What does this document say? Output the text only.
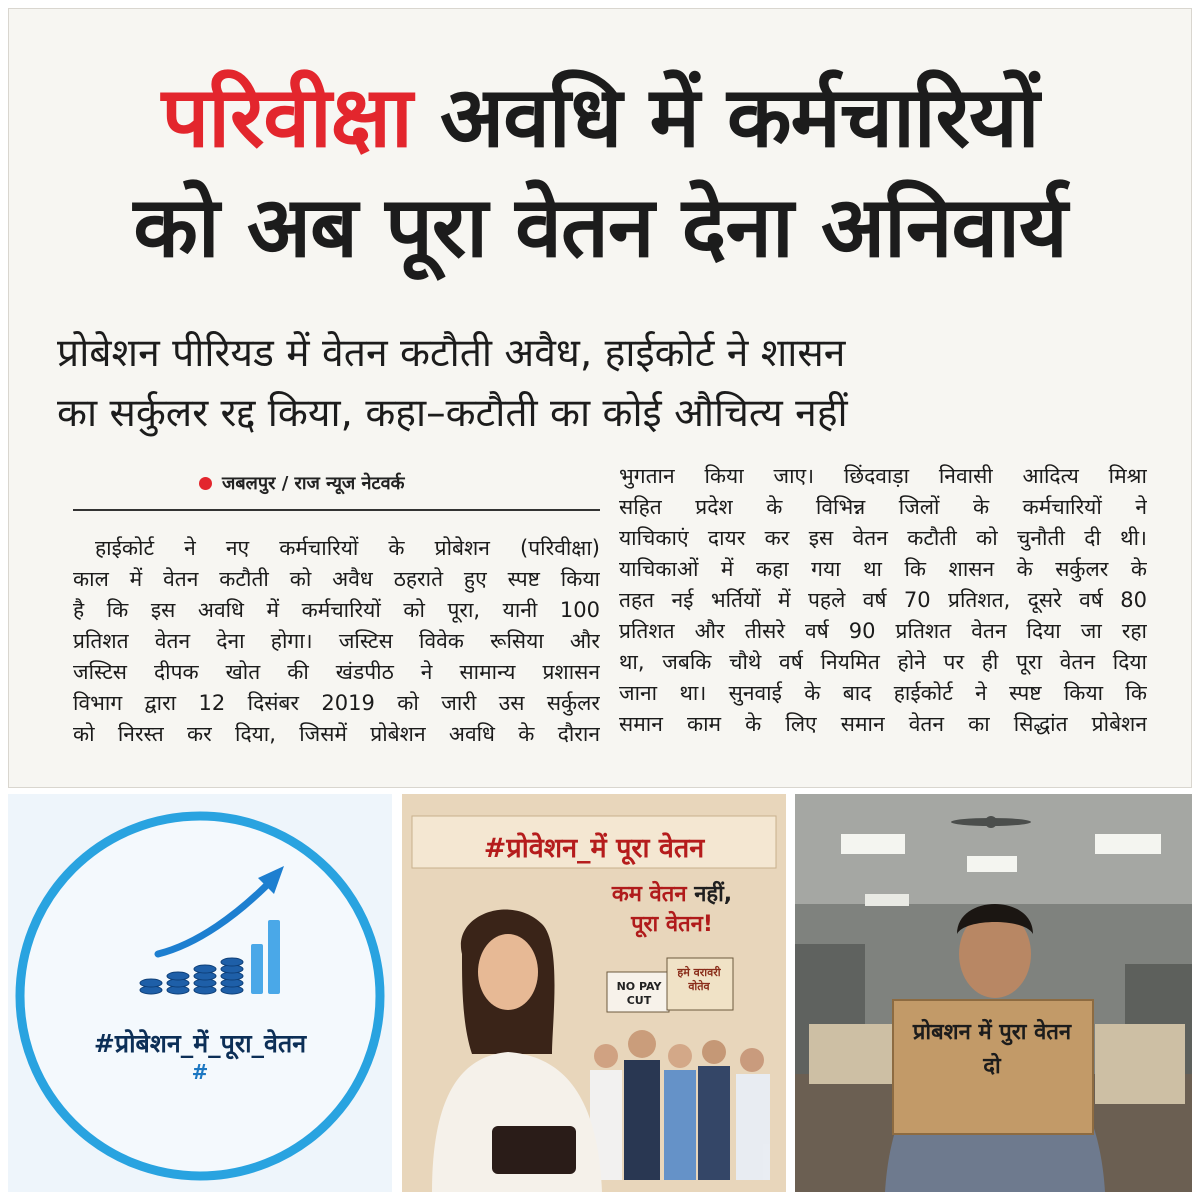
परिवीक्षा अवधि में कर्मचारियों
को अब पूरा वेतन देना अनिवार्य
प्रोबेशन पीरियड में वेतन कटौती अवैध, हाईकोर्ट ने शासन
का सर्कुलर रद्द किया, कहा–कटौती का कोई औचित्य नहीं
जबलपुर / राज न्यूज नेटवर्क
हाईकोर्ट ने नए कर्मचारियों के प्रोबेशन (परिवीक्षा)
काल में वेतन कटौती को अवैध ठहराते हुए स्पष्ट किया
है कि इस अवधि में कर्मचारियों को पूरा, यानी 100
प्रतिशत वेतन देना होगा। जस्टिस विवेक रूसिया और
जस्टिस दीपक खोत की खंडपीठ ने सामान्य प्रशासन
विभाग द्वारा 12 दिसंबर 2019 को जारी उस सर्कुलर
को निरस्त कर दिया, जिसमें प्रोबेशन अवधि के दौरान
भुगतान किया जाए। छिंदवाड़ा निवासी आदित्य मिश्रा
सहित प्रदेश के विभिन्न जिलों के कर्मचारियों ने
याचिकाएं दायर कर इस वेतन कटौती को चुनौती दी थी।
याचिकाओं में कहा गया था कि शासन के सर्कुलर के
तहत नई भर्तियों में पहले वर्ष 70 प्रतिशत, दूसरे वर्ष 80
प्रतिशत और तीसरे वर्ष 90 प्रतिशत वेतन दिया जा रहा
था, जबकि चौथे वर्ष नियमित होने पर ही पूरा वेतन दिया
जाना था। सुनवाई के बाद हाईकोर्ट ने स्पष्ट किया कि
समान काम के लिए समान वेतन का सिद्धांत प्रोबेशन
#प्रोबेशन_में_पूरा_वेतन
#
#प्रोवेशन_में पूरा वेतन
कम वेतन नहीं,
पूरा वेतन!
NO PAY CUT
हमे वरावरी वोतेव
प्रोबशन में पुरा वेतन दो
